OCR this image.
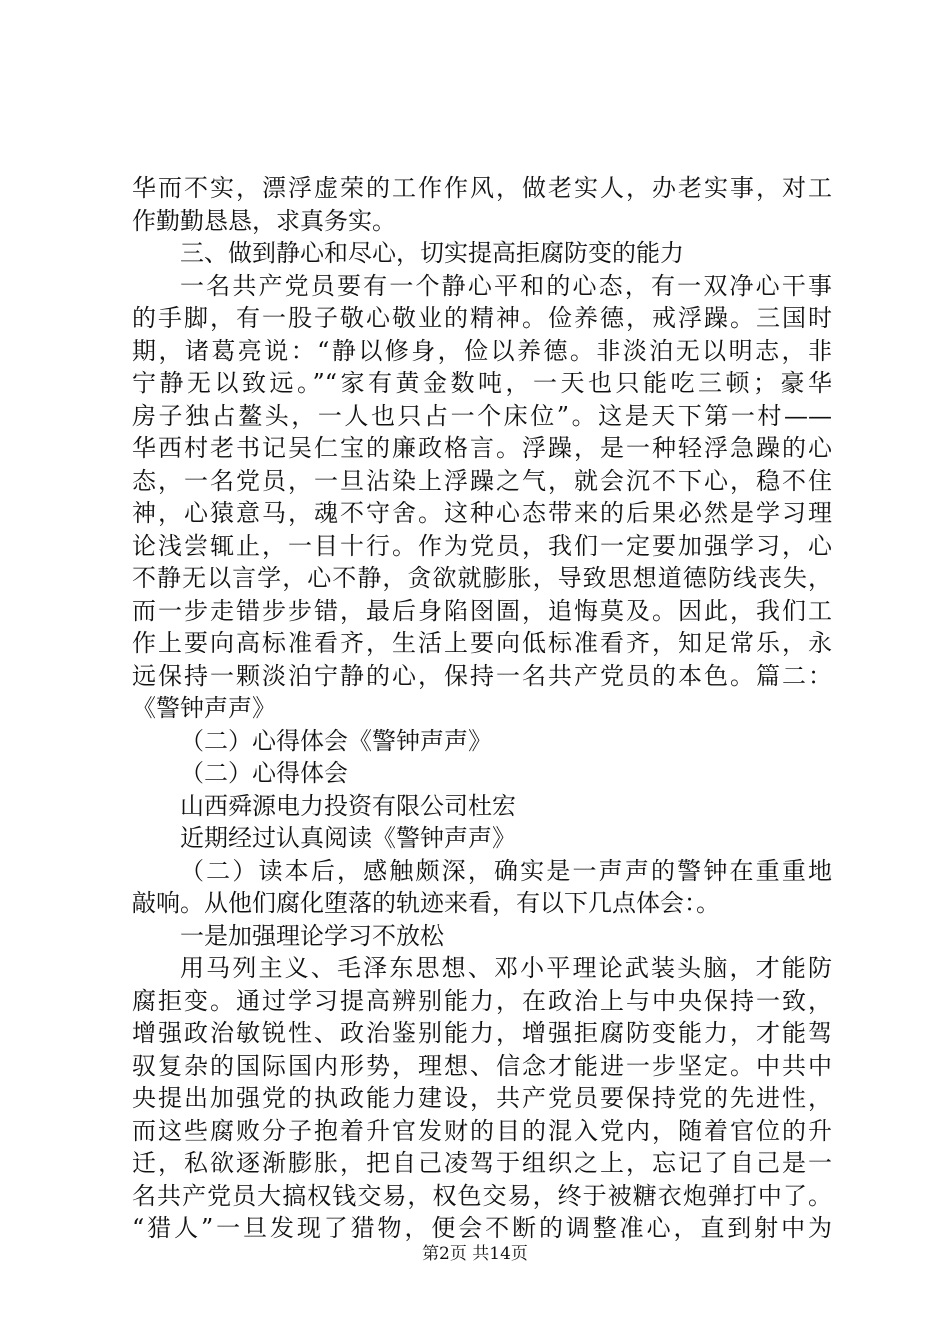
华而不实，漂浮虚荣的工作作风，做老实人，办老实事，对工
作勤勤恳恳，求真务实。
三、做到静心和尽心，切实提高拒腐防变的能力
一名共产党员要有一个静心平和的心态，有一双净心干事
的手脚，有一股子敬心敬业的精神。俭养德，戒浮躁。三国时
期，诸葛亮说：“静以修身，俭以养德。非淡泊无以明志，非
宁静无以致远。”“家有黄金数吨，一天也只能吃三顿；豪华
房子独占鳌头，一人也只占一个床位”。这是天下第一村——
华西村老书记吴仁宝的廉政格言。浮躁，是一种轻浮急躁的心
态，一名党员，一旦沾染上浮躁之气，就会沉不下心，稳不住
神，心猿意马，魂不守舍。这种心态带来的后果必然是学习理
论浅尝辄止，一目十行。作为党员，我们一定要加强学习，心
不静无以言学，心不静，贪欲就膨胀，导致思想道德防线丧失，
而一步走错步步错，最后身陷囹圄，追悔莫及。因此，我们工
作上要向高标准看齐，生活上要向低标准看齐，知足常乐，永
远保持一颗淡泊宁静的心，保持一名共产党员的本色。篇二：
《警钟声声》
（二）心得体会《警钟声声》
（二）心得体会
山西舜源电力投资有限公司杜宏
近期经过认真阅读《警钟声声》
（二）读本后，感触颇深，确实是一声声的警钟在重重地
敲响。从他们腐化堕落的轨迹来看，有以下几点体会：。
一是加强理论学习不放松
用马列主义、毛泽东思想、邓小平理论武装头脑，才能防
腐拒变。通过学习提高辨别能力，在政治上与中央保持一致，
增强政治敏锐性、政治鉴别能力，增强拒腐防变能力，才能驾
驭复杂的国际国内形势，理想、信念才能进一步坚定。中共中
央提出加强党的执政能力建设，共产党员要保持党的先进性，
而这些腐败分子抱着升官发财的目的混入党内，随着官位的升
迁，私欲逐渐膨胀，把自己凌驾于组织之上，忘记了自己是一
名共产党员大搞权钱交易，权色交易，终于被糖衣炮弹打中了。
“猎人”一旦发现了猎物，便会不断的调整准心，直到射中为
第2页 共14页
